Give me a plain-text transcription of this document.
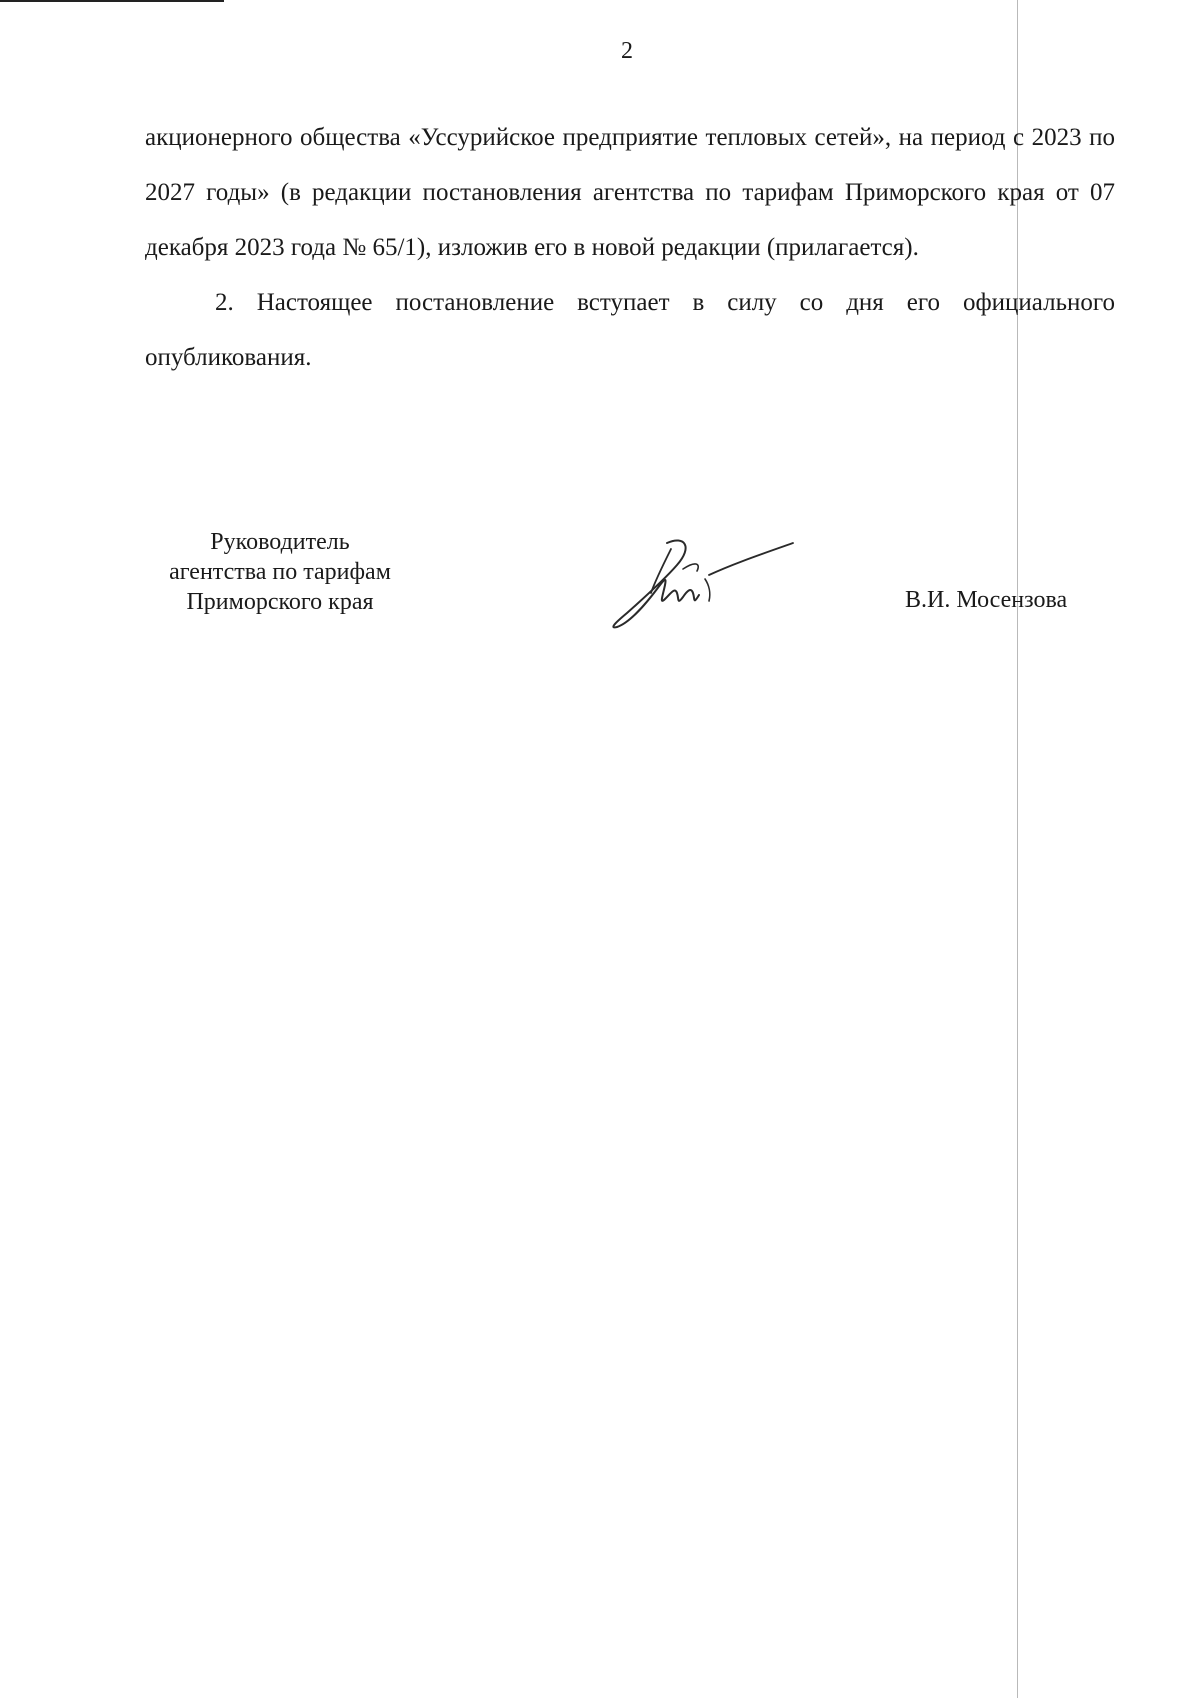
2

акционерного общества «Уссурийское предприятие тепловых сетей», на период с 2023 по 2027 годы» (в редакции постановления агентства по тарифам Приморского края от 07 декабря 2023 года № 65/1), изложив его в новой редакции (прилагается).

2. Настоящее постановление вступает в силу со дня его официального опубликования.

Руководитель
агентства по тарифам
Приморского края	В.И. Мосензова
